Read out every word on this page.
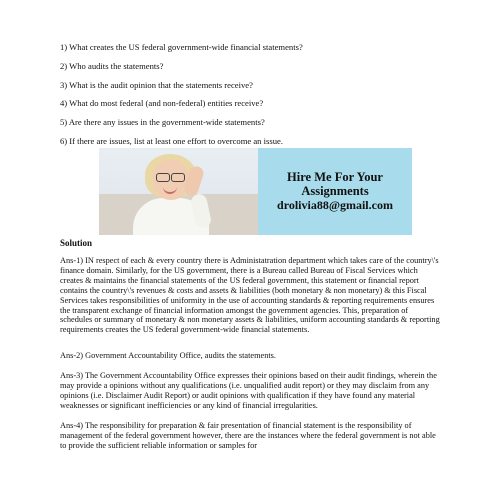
1) What creates the US federal government-wide financial statements?
2) Who audits the statements?
3) What is the audit opinion that the statements receive?
4) What do most federal (and non-federal) entities receive?
5) Are there any issues in the government-wide statements?
6) If there are issues, list at least one effort to overcome an issue.
Hire Me For Your
Assignments
drolivia88@gmail.com
Solution

Ans-1) IN respect of each & every country there is Administatration department which takes care of the country\'s finance domain. Similarly, for the US government, there is a Bureau called Bureau of Fiscal Services which creates & maintains the financial statements of the US federal government, this statement or financial report contains the country\'s revenues & costs and assets & liabilities (both monetary & non monetary) & this Fiscal Services takes responsibilities of uniformity in the use of accounting standards & reporting requirements ensures the transparent exchange of financial information amongst the government agencies. This, preparation of schedules or summary of monetary & non monetary assets & liabilities, uniform accounting standards & reporting requirements creates the US federal government-wide financial statements.

Ans-2) Government Accountability Office, audits the statements.

Ans-3) The Government Accountability Office expresses their opinions based on their audit findings, wherein the may provide a opinions without any qualifications (i.e. unqualified audit report) or they may disclaim from any opinions (i.e. Disclaimer Audit Report) or audit opinions with qualification if they have found any material weaknesses or significant inefficiencies or any kind of financial irregularities.

Ans-4) The responsibility for preparation & fair presentation of financial statement is the responsibility of management of the federal government however, there are the instances where the federal government is not able to provide the sufficient reliable information or samples for
